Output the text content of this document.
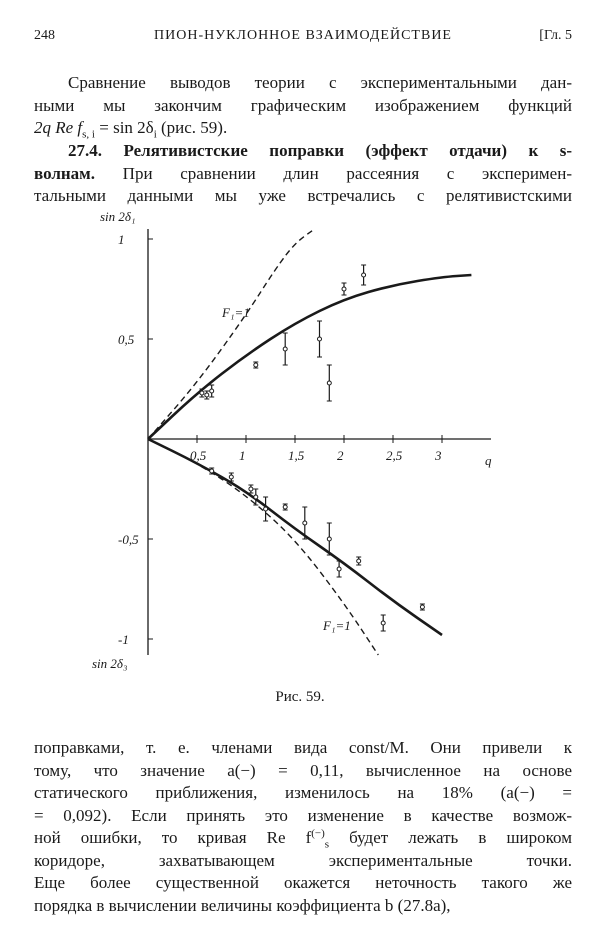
248	ПИОН-НУКЛОННОЕ ВЗАИМОДЕЙСТВИЕ	[Гл. 5
Сравнение выводов теории с экспериментальными дан-
ными мы закончим графическим изображением функций
2q Re $f_{s, i} = \sin 2\delta_i$ (рис. 59).
27.4. Релятивистские поправки (эффект отдачи) к s-
волнам. При сравнении длин рассеяния с эксперимен-
тальными данными мы уже встречались с релятивистскими
0,5	1	1,5	2	2,5	3
1
0,5
-0,5
-1
sin 2δ₁
sin 2δ₃
q
F₁=1
F₁=1
Рис. 59.
поправками, т. е. членами вида const/M. Они привели к
тому, что значение a(−) = 0,11, вычисленное на основе
статического приближения, изменилось на 18% (a(−) =
= 0,092). Если принять это изменение в качестве возмож-
ной ошибки, то кривая Re $f^{(-)}_s$ будет лежать в широком
коридоре, захватывающем экспериментальные точки.
Еще более существенной окажется неточность такого же
порядка в вычислении величины коэффициента b (27.8а),
